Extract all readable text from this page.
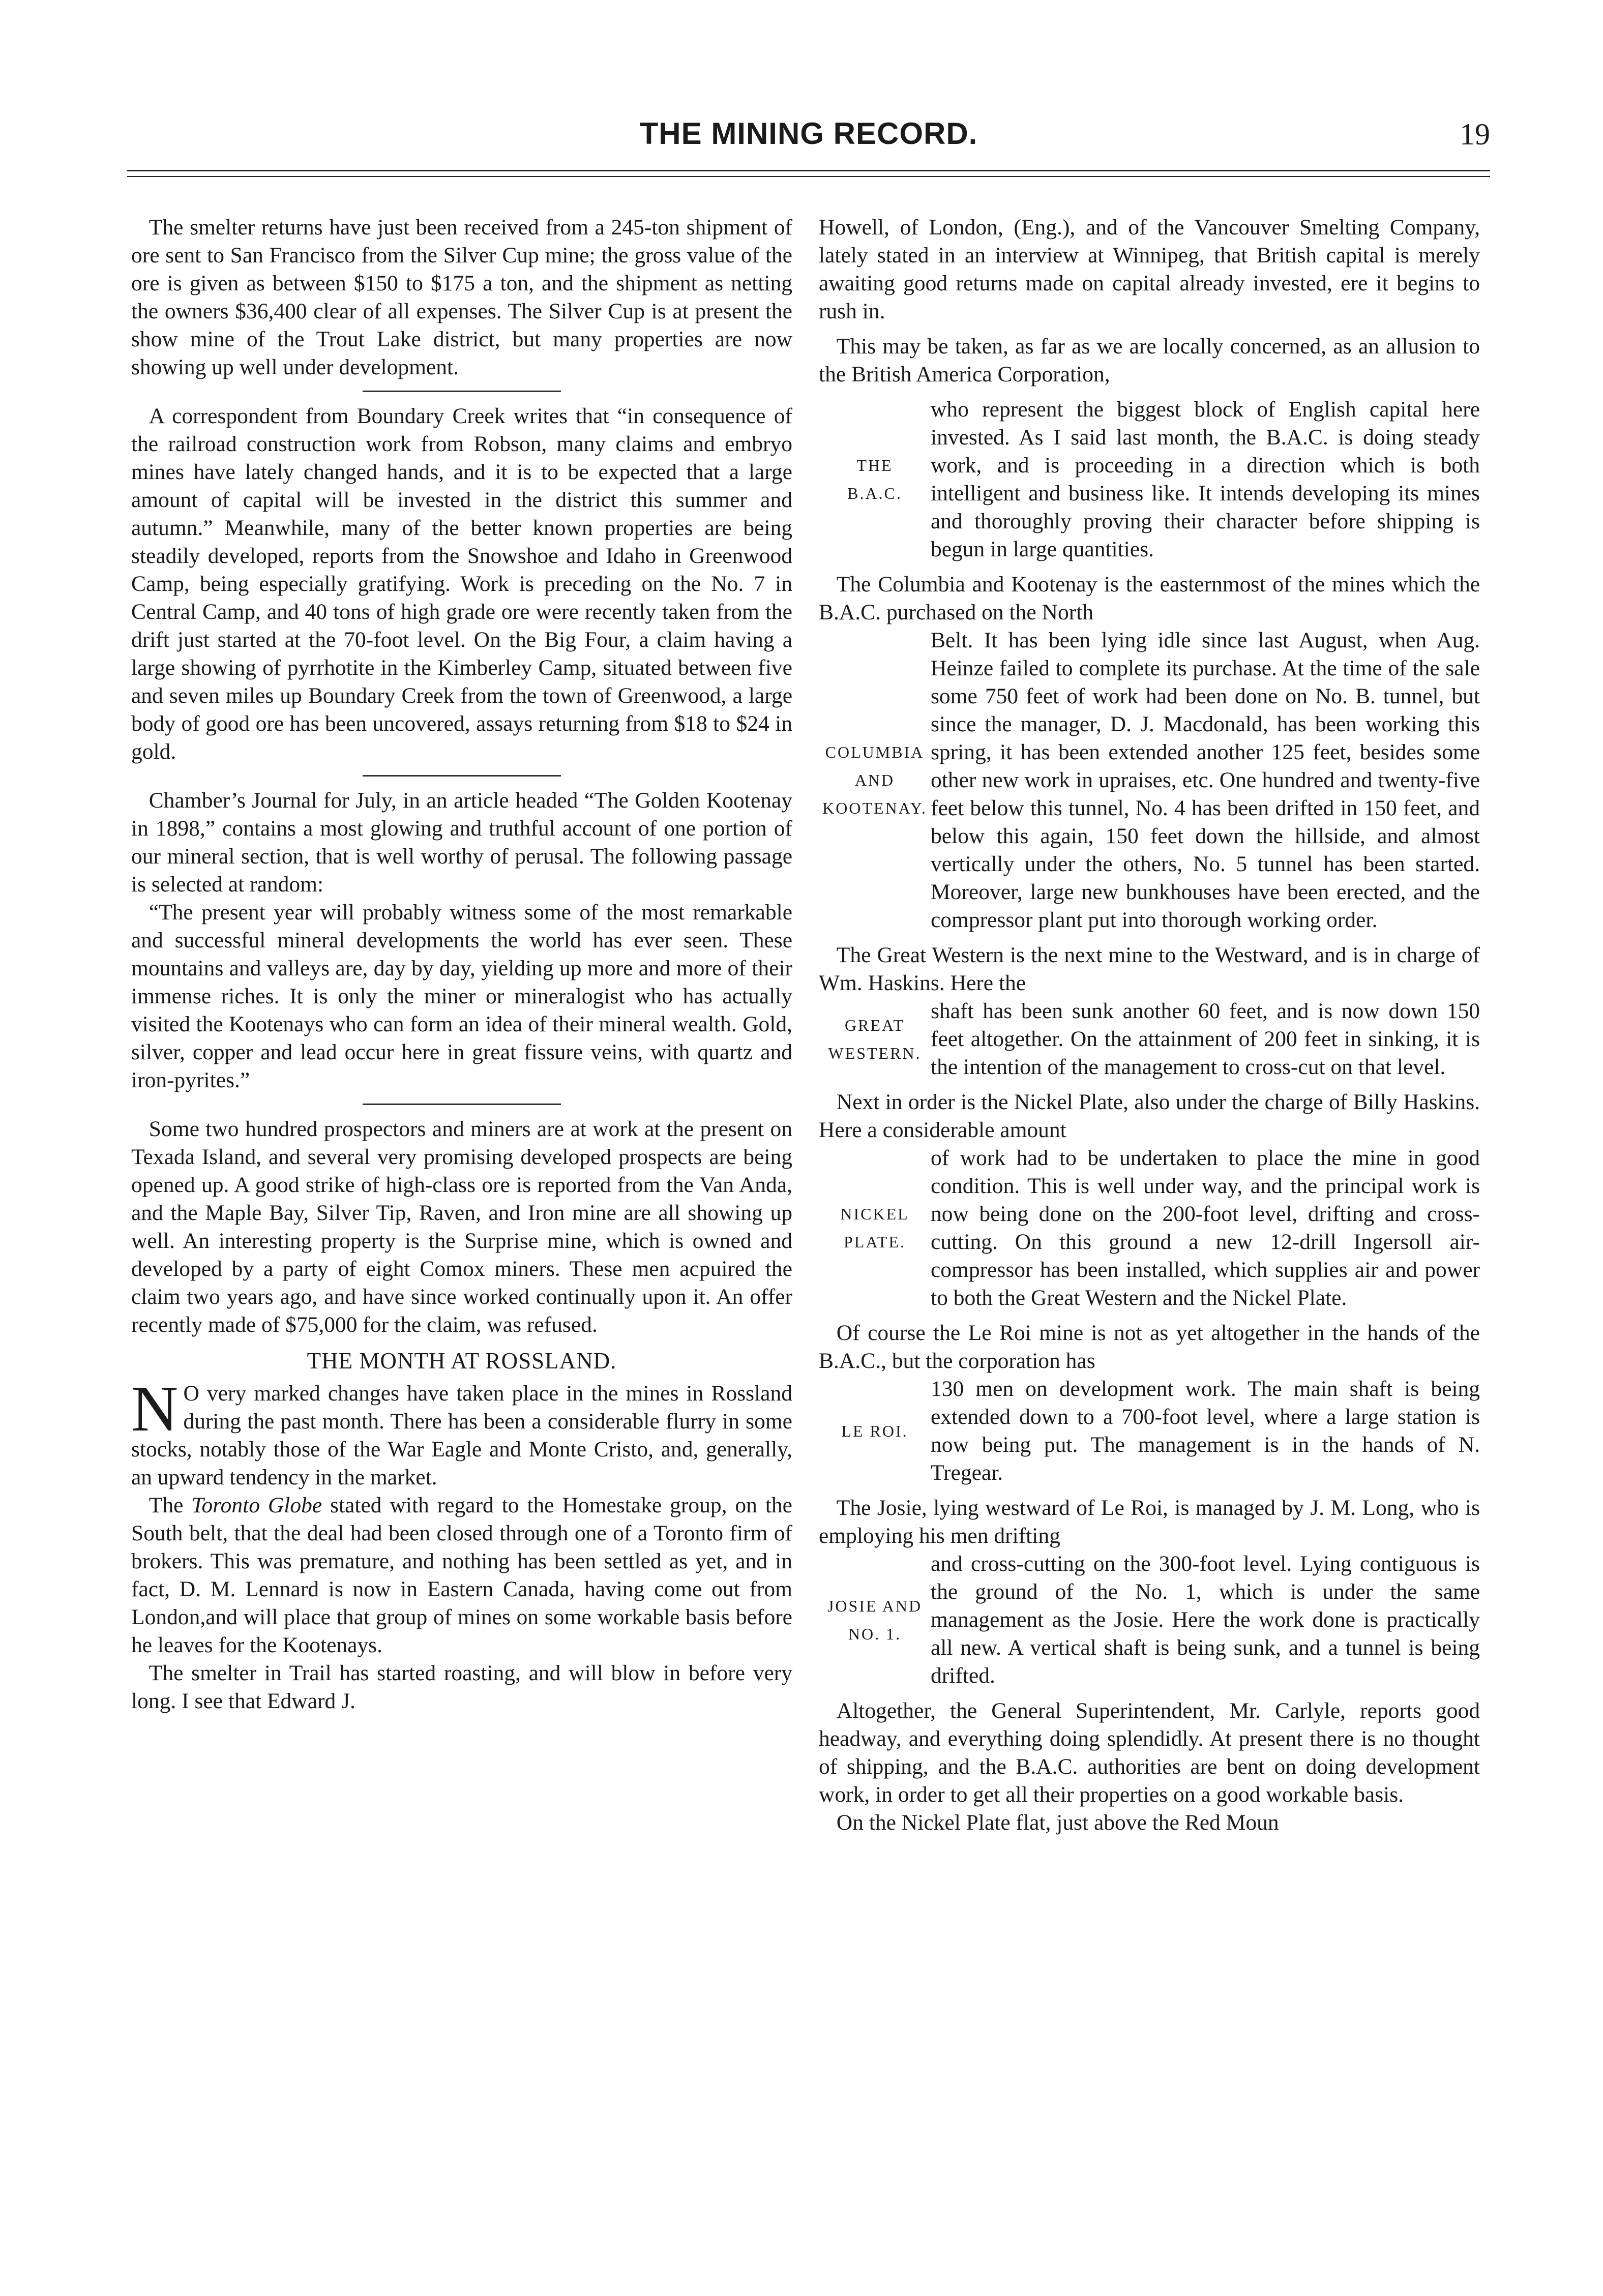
THE MINING RECORD.	19

The smelter returns have just been received from a 245-ton shipment of ore sent to San Francisco from the Silver Cup mine; the gross value of the ore is given as between $150 to $175 a ton, and the shipment as netting the owners $36,400 clear of all expenses. The Silver Cup is at present the show mine of the Trout Lake district, but many properties are now showing up well under development.

A correspondent from Boundary Creek writes that “in consequence of the railroad construction work from Robson, many claims and embryo mines have lately changed hands, and it is to be expected that a large amount of capital will be invested in the district this summer and autumn.” Meanwhile, many of the better known properties are being steadily developed, reports from the Snowshoe and Idaho in Greenwood Camp, being especially gratifying. Work is preceding on the No. 7 in Central Camp, and 40 tons of high grade ore were recently taken from the drift just started at the 70-foot level. On the Big Four, a claim having a large showing of pyrrhotite in the Kimberley Camp, situated between five and seven miles up Boundary Creek from the town of Greenwood, a large body of good ore has been uncovered, assays returning from $18 to $24 in gold.

Chamber’s Journal for July, in an article headed “The Golden Kootenay in 1898,” contains a most glowing and truthful account of one portion of our mineral section, that is well worthy of perusal. The following passage is selected at random:

“The present year will probably witness some of the most remarkable and successful mineral developments the world has ever seen. These mountains and valleys are, day by day, yielding up more and more of their immense riches. It is only the miner or mineralogist who has actually visited the Kootenays who can form an idea of their mineral wealth. Gold, silver, copper and lead occur here in great fissure veins, with quartz and iron-pyrites.”

Some two hundred prospectors and miners are at work at the present on Texada Island, and several very promising developed prospects are being opened up. A good strike of high-class ore is reported from the Van Anda, and the Maple Bay, Silver Tip, Raven, and Iron mine are all showing up well. An interesting property is the Surprise mine, which is owned and developed by a party of eight Comox miners. These men acpuired the claim two years ago, and have since worked continually upon it. An offer recently made of $75,000 for the claim, was refused.

THE MONTH AT ROSSLAND.

N O very marked changes have taken place in the mines in Rossland during the past month. There has been a considerable flurry in some stocks, notably those of the War Eagle and Monte Cristo, and, generally, an upward tendency in the market.

The Toronto Globe stated with regard to the Homestake group, on the South belt, that the deal had been closed through one of a Toronto firm of brokers. This was premature, and nothing has been settled as yet, and in fact, D. M. Lennard is now in Eastern Canada, having come out from London,and will place that group of mines on some workable basis before he leaves for the Kootenays.

The smelter in Trail has started roasting, and will blow in before very long. I see that Edward J.

Howell, of London, (Eng.), and of the Vancouver Smelting Company, lately stated in an interview at Winnipeg, that British capital is merely awaiting good returns made on capital already invested, ere it begins to rush in.

This may be taken, as far as we are locally concerned, as an allusion to the British America Corporation,

THE
B.A.C.

who represent the biggest block of English capital here invested. As I said last month, the B.A.C. is doing steady work, and is proceeding in a direction which is both intelligent and business like. It intends developing its mines and thoroughly proving their character before shipping is begun in large quantities.

The Columbia and Kootenay is the easternmost of the mines which the B.A.C. purchased on the North

COLUMBIA
AND
KOOTENAY.

Belt. It has been lying idle since last August, when Aug. Heinze failed to complete its purchase. At the time of the sale some 750 feet of work had been done on No. B. tunnel, but since the manager, D. J. Macdonald, has been working this spring, it has been extended another 125 feet, besides some other new work in upraises, etc. One hundred and twenty-five feet below this tunnel, No. 4 has been drifted in 150 feet, and below this again, 150 feet down the hillside, and almost vertically under the others, No. 5 tunnel has been started. Moreover, large new bunkhouses have been erected, and the compressor plant put into thorough working order.

The Great Western is the next mine to the Westward, and is in charge of Wm. Haskins. Here the

GREAT
WESTERN.

shaft has been sunk another 60 feet, and is now down 150 feet altogether. On the attainment of 200 feet in sinking, it is the intention of the management to cross-cut on that level.

Next in order is the Nickel Plate, also under the charge of Billy Haskins. Here a considerable amount

NICKEL
PLATE.

of work had to be undertaken to place the mine in good condition. This is well under way, and the principal work is now being done on the 200-foot level, drifting and cross-cutting. On this ground a new 12-drill Ingersoll air-compressor has been installed, which supplies air and power to both the Great Western and the Nickel Plate.

Of course the Le Roi mine is not as yet altogether in the hands of the B.A.C., but the corporation has

LE ROI.

130 men on development work. The main shaft is being extended down to a 700-foot level, where a large station is now being put. The management is in the hands of N. Tregear.

The Josie, lying westward of Le Roi, is managed by J. M. Long, who is employing his men drifting

JOSIE AND
NO. 1.

and cross-cutting on the 300-foot level. Lying contiguous is the ground of the No. 1, which is under the same management as the Josie. Here the work done is practically all new. A vertical shaft is being sunk, and a tunnel is being drifted.

Altogether, the General Superintendent, Mr. Carlyle, reports good headway, and everything doing splendidly. At present there is no thought of shipping, and the B.A.C. authorities are bent on doing development work, in order to get all their properties on a good workable basis.

On the Nickel Plate flat, just above the Red Moun
